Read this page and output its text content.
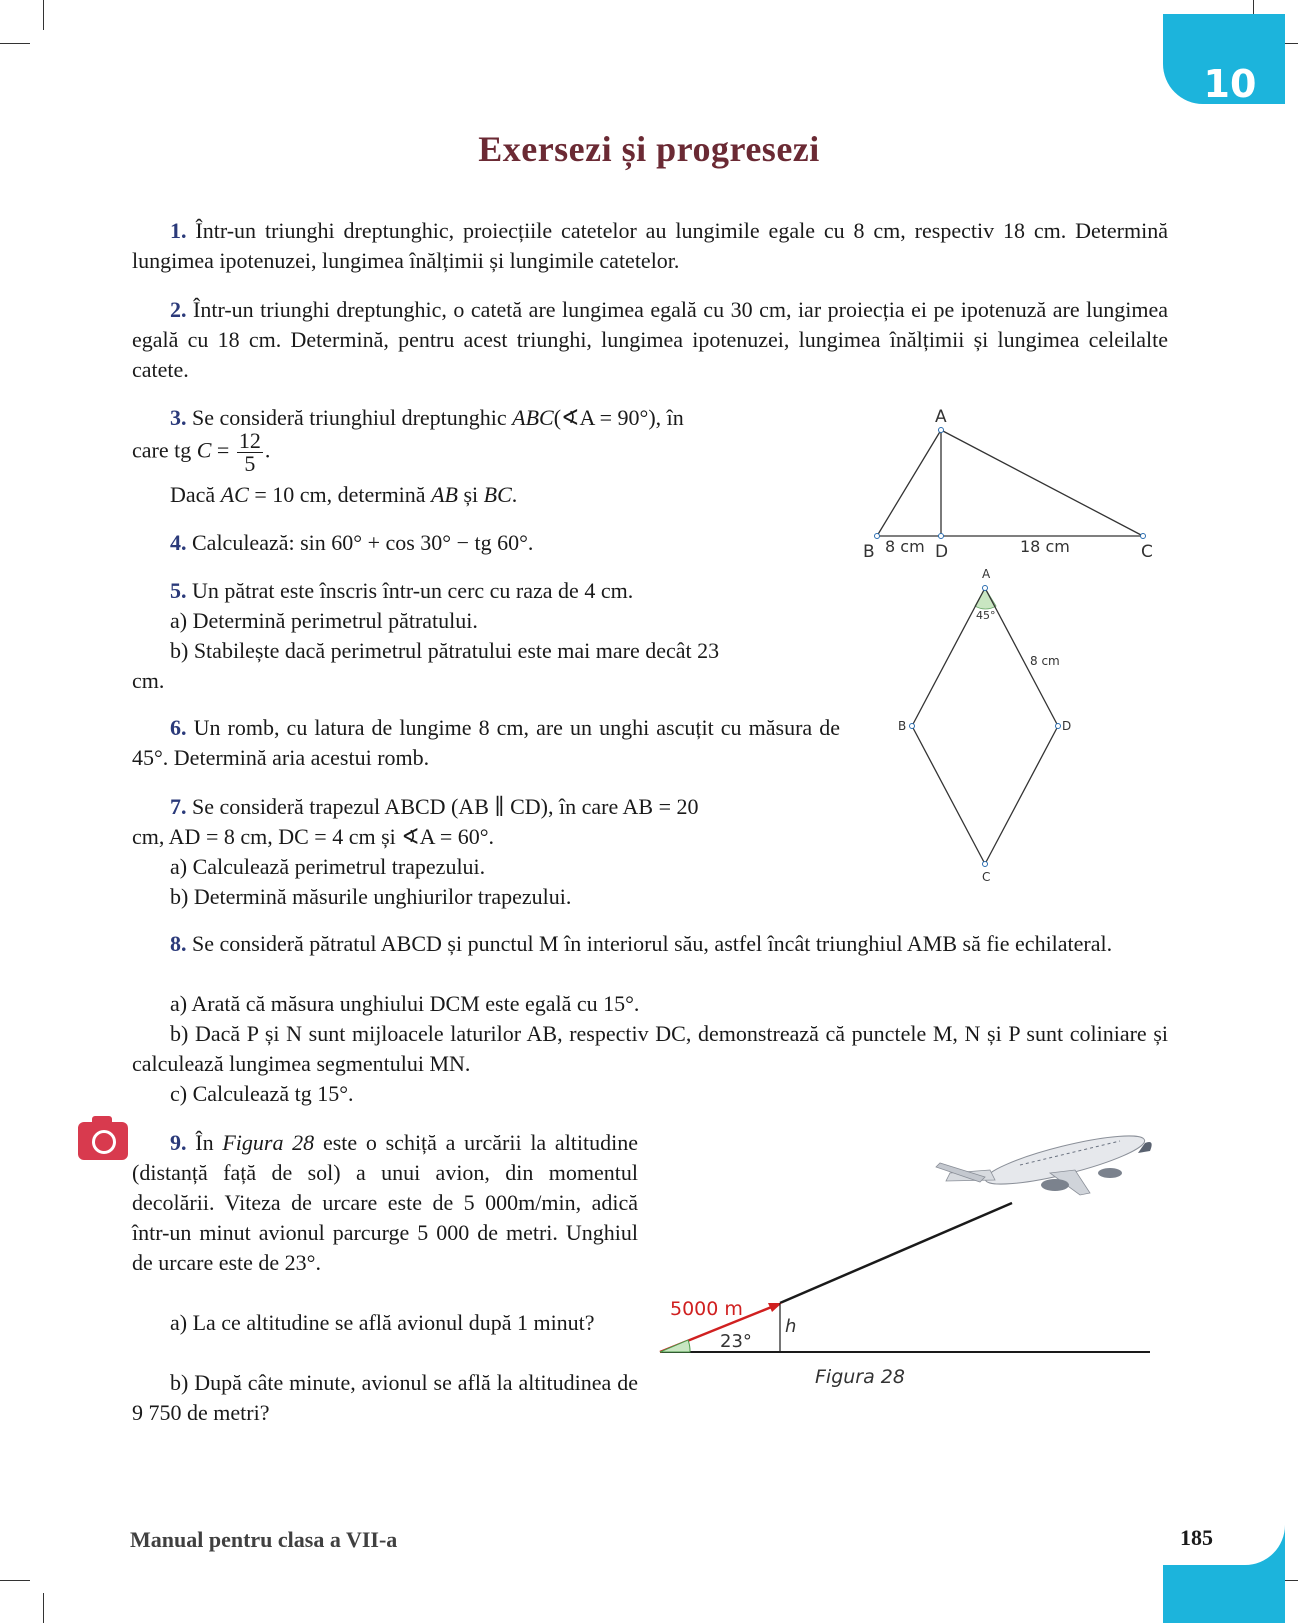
10
Exersezi și progresezi
1. Într-un triunghi dreptunghic, proiecțiile catetelor au lungimile egale cu 8 cm, respectiv 18 cm. Determină lungimea ipotenuzei, lungimea înălțimii și lungimile catetelor.
2. Într-un triunghi dreptunghic, o catetă are lungimea egală cu 30 cm, iar proiecția ei pe ipotenuză are lungimea egală cu 18 cm. Determină, pentru acest triunghi, lungimea ipotenuzei, lungimea înălțimii și lungimea celeilalte catete.
3. Se consideră triunghiul dreptunghic ABC(∢A = 90°), în
care tg $C = \frac{12}{5}$ .
Dacă AC = 10 cm, determină AB și BC.
4. Calculează: sin 60° + cos 30° − tg 60°.
5. Un pătrat este înscris într-un cerc cu raza de 4 cm.
a) Determină perimetrul pătratului.
b) Stabilește dacă perimetrul pătratului este mai mare decât 23
cm.
6. Un romb, cu latura de lungime 8 cm, are un unghi ascuțit cu măsura de 45°. Determină aria acestui romb.
7. Se consideră trapezul ABCD (AB ∥ CD), în care AB = 20
cm, AD = 8 cm, DC = 4 cm și ∢A = 60°.
a) Calculează perimetrul trapezului.
b) Determină măsurile unghiurilor trapezului.
8. Se consideră pătratul ABCD și punctul M în interiorul său, astfel încât triunghiul AMB să fie echilateral.
a) Arată că măsura unghiului DCM este egală cu 15°.
b) Dacă P și N sunt mijloacele laturilor AB, respectiv DC, demonstrează că punctele M, N și P sunt coliniare și calculează lungimea segmentului MN.
c) Calculează tg 15°.
9. În Figura 28 este o schiță a urcării la altitudine (distanță față de sol) a unui avion, din momentul decolării. Viteza de urcare este de 5 000m/min, adică într-un minut avionul parcurge 5 000 de metri. Unghiul de urcare este de 23°.
a) La ce altitudine se află avionul după 1 minut?
b) După câte minute, avionul se află la altitudinea de 9 750 de metri?
A
B	D	C
8 cm	18 cm
A
B	D
C
45°
8 cm
5000 m
23°
h
Figura 28
Manual pentru clasa a VII-a	185
